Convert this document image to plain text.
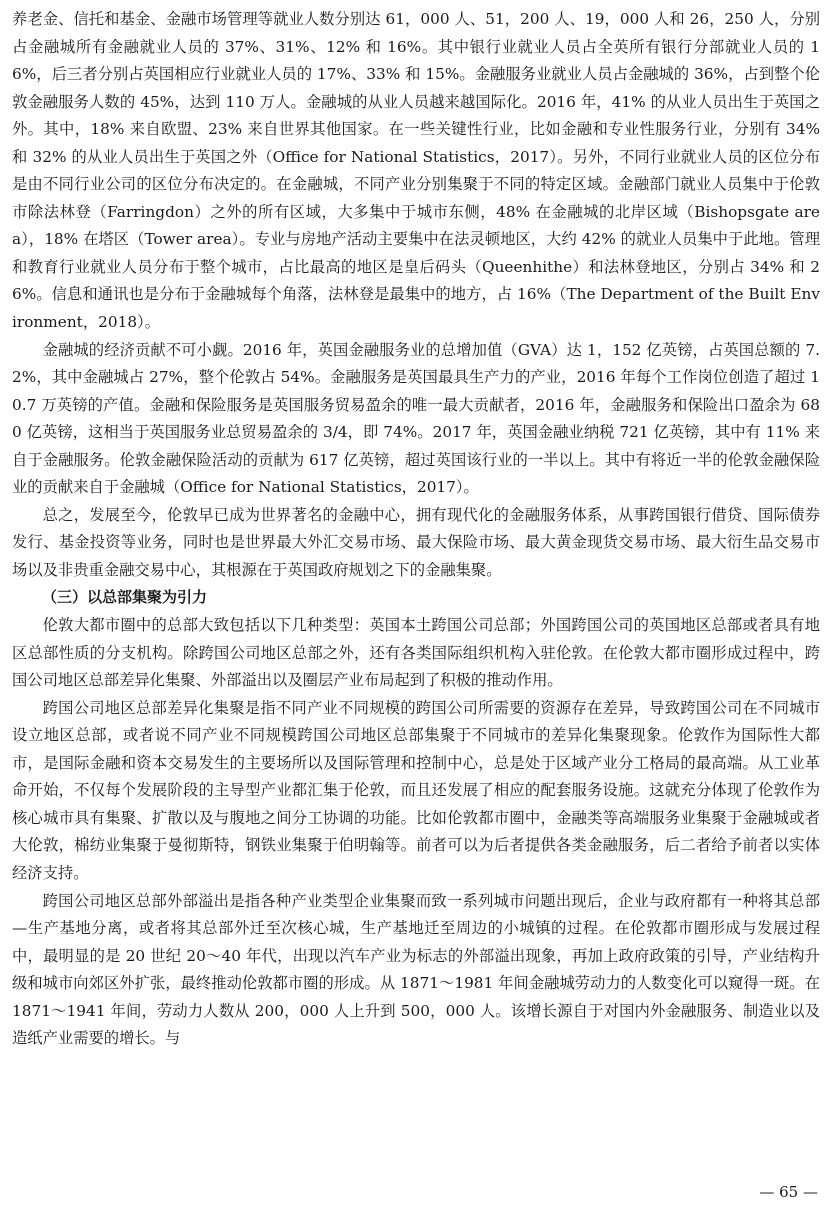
养老金、信托和基金、金融市场管理等就业人数分别达 61，000 人、51，200 人、19，000 人和 26，250 人，分别占金融城所有金融就业人员的 37%、31%、12% 和 16%。其中银行业就业人员占全英所有银行分部就业人员的 16%，后三者分别占英国相应行业就业人员的 17%、33% 和 15%。金融服务业就业人员占金融城的 36%，占到整个伦敦金融服务人数的 45%，达到 110 万人。金融城的从业人员越来越国际化。2016 年，41% 的从业人员出生于英国之外。其中，18% 来自欧盟、23% 来自世界其他国家。在一些关键性行业，比如金融和专业性服务行业，分别有 34% 和 32% 的从业人员出生于英国之外（Office for National Statistics，2017）。另外，不同行业就业人员的区位分布是由不同行业公司的区位分布决定的。在金融城，不同产业分别集聚于不同的特定区域。金融部门就业人员集中于伦敦市除法林登（Farringdon）之外的所有区域，大多集中于城市东侧，48% 在金融城的北岸区域（Bishopsgate area），18% 在塔区（Tower area）。专业与房地产活动主要集中在法灵顿地区，大约 42% 的就业人员集中于此地。管理和教育行业就业人员分布于整个城市，占比最高的地区是皇后码头（Queenhithe）和法林登地区，分别占 34% 和 26%。信息和通讯也是分布于金融城每个角落，法林登是最集中的地方，占 16%（The Department of the Built Environment，2018）。

金融城的经济贡献不可小觑。2016 年，英国金融服务业的总增加值（GVA）达 1，152 亿英镑，占英国总额的 7.2%，其中金融城占 27%，整个伦敦占 54%。金融服务是英国最具生产力的产业，2016 年每个工作岗位创造了超过 10.7 万英镑的产值。金融和保险服务是英国服务贸易盈余的唯一最大贡献者，2016 年，金融服务和保险出口盈余为 680 亿英镑，这相当于英国服务业总贸易盈余的 3/4，即 74%。2017 年，英国金融业纳税 721 亿英镑，其中有 11% 来自于金融服务。伦敦金融保险活动的贡献为 617 亿英镑，超过英国该行业的一半以上。其中有将近一半的伦敦金融保险业的贡献来自于金融城（Office for National Statistics，2017）。

总之，发展至今，伦敦早已成为世界著名的金融中心，拥有现代化的金融服务体系，从事跨国银行借贷、国际债券发行、基金投资等业务，同时也是世界最大外汇交易市场、最大保险市场、最大黄金现货交易市场、最大衍生品交易市场以及非贵重金融交易中心，其根源在于英国政府规划之下的金融集聚。

（三）以总部集聚为引力

伦敦大都市圈中的总部大致包括以下几种类型：英国本土跨国公司总部；外国跨国公司的英国地区总部或者具有地区总部性质的分支机构。除跨国公司地区总部之外，还有各类国际组织机构入驻伦敦。在伦敦大都市圈形成过程中，跨国公司地区总部差异化集聚、外部溢出以及圈层产业布局起到了积极的推动作用。

跨国公司地区总部差异化集聚是指不同产业不同规模的跨国公司所需要的资源存在差异，导致跨国公司在不同城市设立地区总部，或者说不同产业不同规模跨国公司地区总部集聚于不同城市的差异化集聚现象。伦敦作为国际性大都市，是国际金融和资本交易发生的主要场所以及国际管理和控制中心，总是处于区域产业分工格局的最高端。从工业革命开始，不仅每个发展阶段的主导型产业都汇集于伦敦，而且还发展了相应的配套服务设施。这就充分体现了伦敦作为核心城市具有集聚、扩散以及与腹地之间分工协调的功能。比如伦敦都市圈中，金融类等高端服务业集聚于金融城或者大伦敦，棉纺业集聚于曼彻斯特，钢铁业集聚于伯明翰等。前者可以为后者提供各类金融服务，后二者给予前者以实体经济支持。

跨国公司地区总部外部溢出是指各种产业类型企业集聚而致一系列城市问题出现后，企业与政府都有一种将其总部—生产基地分离，或者将其总部外迁至次核心城，生产基地迁至周边的小城镇的过程。在伦敦都市圈形成与发展过程中，最明显的是 20 世纪 20～40 年代，出现以汽车产业为标志的外部溢出现象，再加上政府政策的引导，产业结构升级和城市向郊区外扩张，最终推动伦敦都市圈的形成。从 1871～1981 年间金融城劳动力的人数变化可以窥得一斑。在 1871～1941 年间，劳动力人数从 200，000 人上升到 500，000 人。该增长源自于对国内外金融服务、制造业以及造纸产业需要的增长。与

— 65 —
